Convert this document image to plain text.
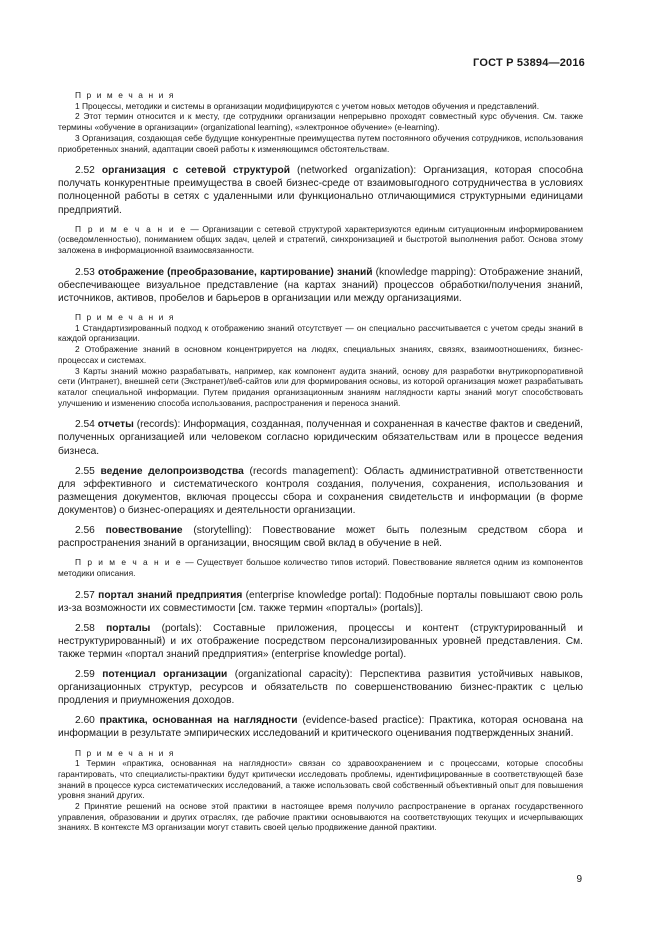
ГОСТ Р 53894—2016

П р и м е ч а н и я

1 Процессы, методики и системы в организации модифицируются с учетом новых методов обучения и представлений.

2 Этот термин относится и к месту, где сотрудники организации непрерывно проходят совместный курс обучения. См. также термины «обучение в организации» (organizational learning), «электронное обучение» (e-learning).

3 Организация, создающая себе будущие конкурентные преимущества путем постоянного обучения сотрудников, использования приобретенных знаний, адаптации своей работы к изменяющимся обстоятельствам.

2.52 организация с сетевой структурой (networked organization): Организация, которая способна получать конкурентные преимущества в своей бизнес-среде от взаимовыгодного сотрудничества в условиях полноценной работы в сетях с удаленными или функционально отличающимися структурными единицами предприятий.

П р и м е ч а н и е — Организации с сетевой структурой характеризуются единым ситуационным информированием (осведомленностью), пониманием общих задач, целей и стратегий, синхронизацией и быстротой выполнения работ. Основа этому заложена в информационной взаимосвязанности.

2.53 отображение (преобразование, картирование) знаний (knowledge mapping): Отображение знаний, обеспечивающее визуальное представление (на картах знаний) процессов обработки/получения знаний, источников, активов, пробелов и барьеров в организации или между организациями.

П р и м е ч а н и я

1 Стандартизированный подход к отображению знаний отсутствует — он специально рассчитывается с учетом среды знаний в каждой организации.

2 Отображение знаний в основном концентрируется на людях, специальных знаниях, связях, взаимоотношениях, бизнес-процессах и системах.

3 Карты знаний можно разрабатывать, например, как компонент аудита знаний, основу для разработки внутрикорпоративной сети (Интранет), внешней сети (Экстранет)/веб-сайтов или для формирования основы, из которой организация может разрабатывать каталог специальной информации. Путем придания организационным знаниям наглядности карты знаний могут способствовать улучшению и изменению способа использования, распространения и переноса знаний.

2.54 отчеты (records): Информация, созданная, полученная и сохраненная в качестве фактов и сведений, полученных организацией или человеком согласно юридическим обязательствам или в процессе ведения бизнеса.

2.55 ведение делопроизводства (records management): Область административной ответственности для эффективного и систематического контроля создания, получения, сохранения, использования и размещения документов, включая процессы сбора и сохранения свидетельств и информации (в форме документов) о бизнес-операциях и деятельности организации.

2.56 повествование (storytelling): Повествование может быть полезным средством сбора и распространения знаний в организации, вносящим свой вклад в обучение в ней.

П р и м е ч а н и е — Существует большое количество типов историй. Повествование является одним из компонентов методики описания.

2.57 портал знаний предприятия (enterprise knowledge portal): Подобные порталы повышают свою роль из-за возможности их совместимости [см. также термин «порталы» (portals)].

2.58 порталы (portals): Составные приложения, процессы и контент (структурированный и неструктурированный) и их отображение посредством персонализированных уровней представления. См. также термин «портал знаний предприятия» (enterprise knowledge portal).

2.59 потенциал организации (organizational capacity): Перспектива развития устойчивых навыков, организационных структур, ресурсов и обязательств по совершенствованию бизнес-практик с целью продления и приумножения доходов.

2.60 практика, основанная на наглядности (evidence-based practice): Практика, которая основана на информации в результате эмпирических исследований и критического оценивания подтвержденных знаний.

П р и м е ч а н и я

1 Термин «практика, основанная на наглядности» связан со здравоохранением и с процессами, которые способны гарантировать, что специалисты-практики будут критически исследовать проблемы, идентифицированные в соответствующей базе знаний в процессе курса систематических исследований, а также использовать свой собственный объективный опыт для повышения уровня знаний других.

2 Принятие решений на основе этой практики в настоящее время получило распространение в органах государственного управления, образовании и других отраслях, где рабочие практики основываются на соответствующих текущих и исчерпывающих знаниях. В контексте МЗ организации могут ставить своей целью продвижение данной практики.

9
